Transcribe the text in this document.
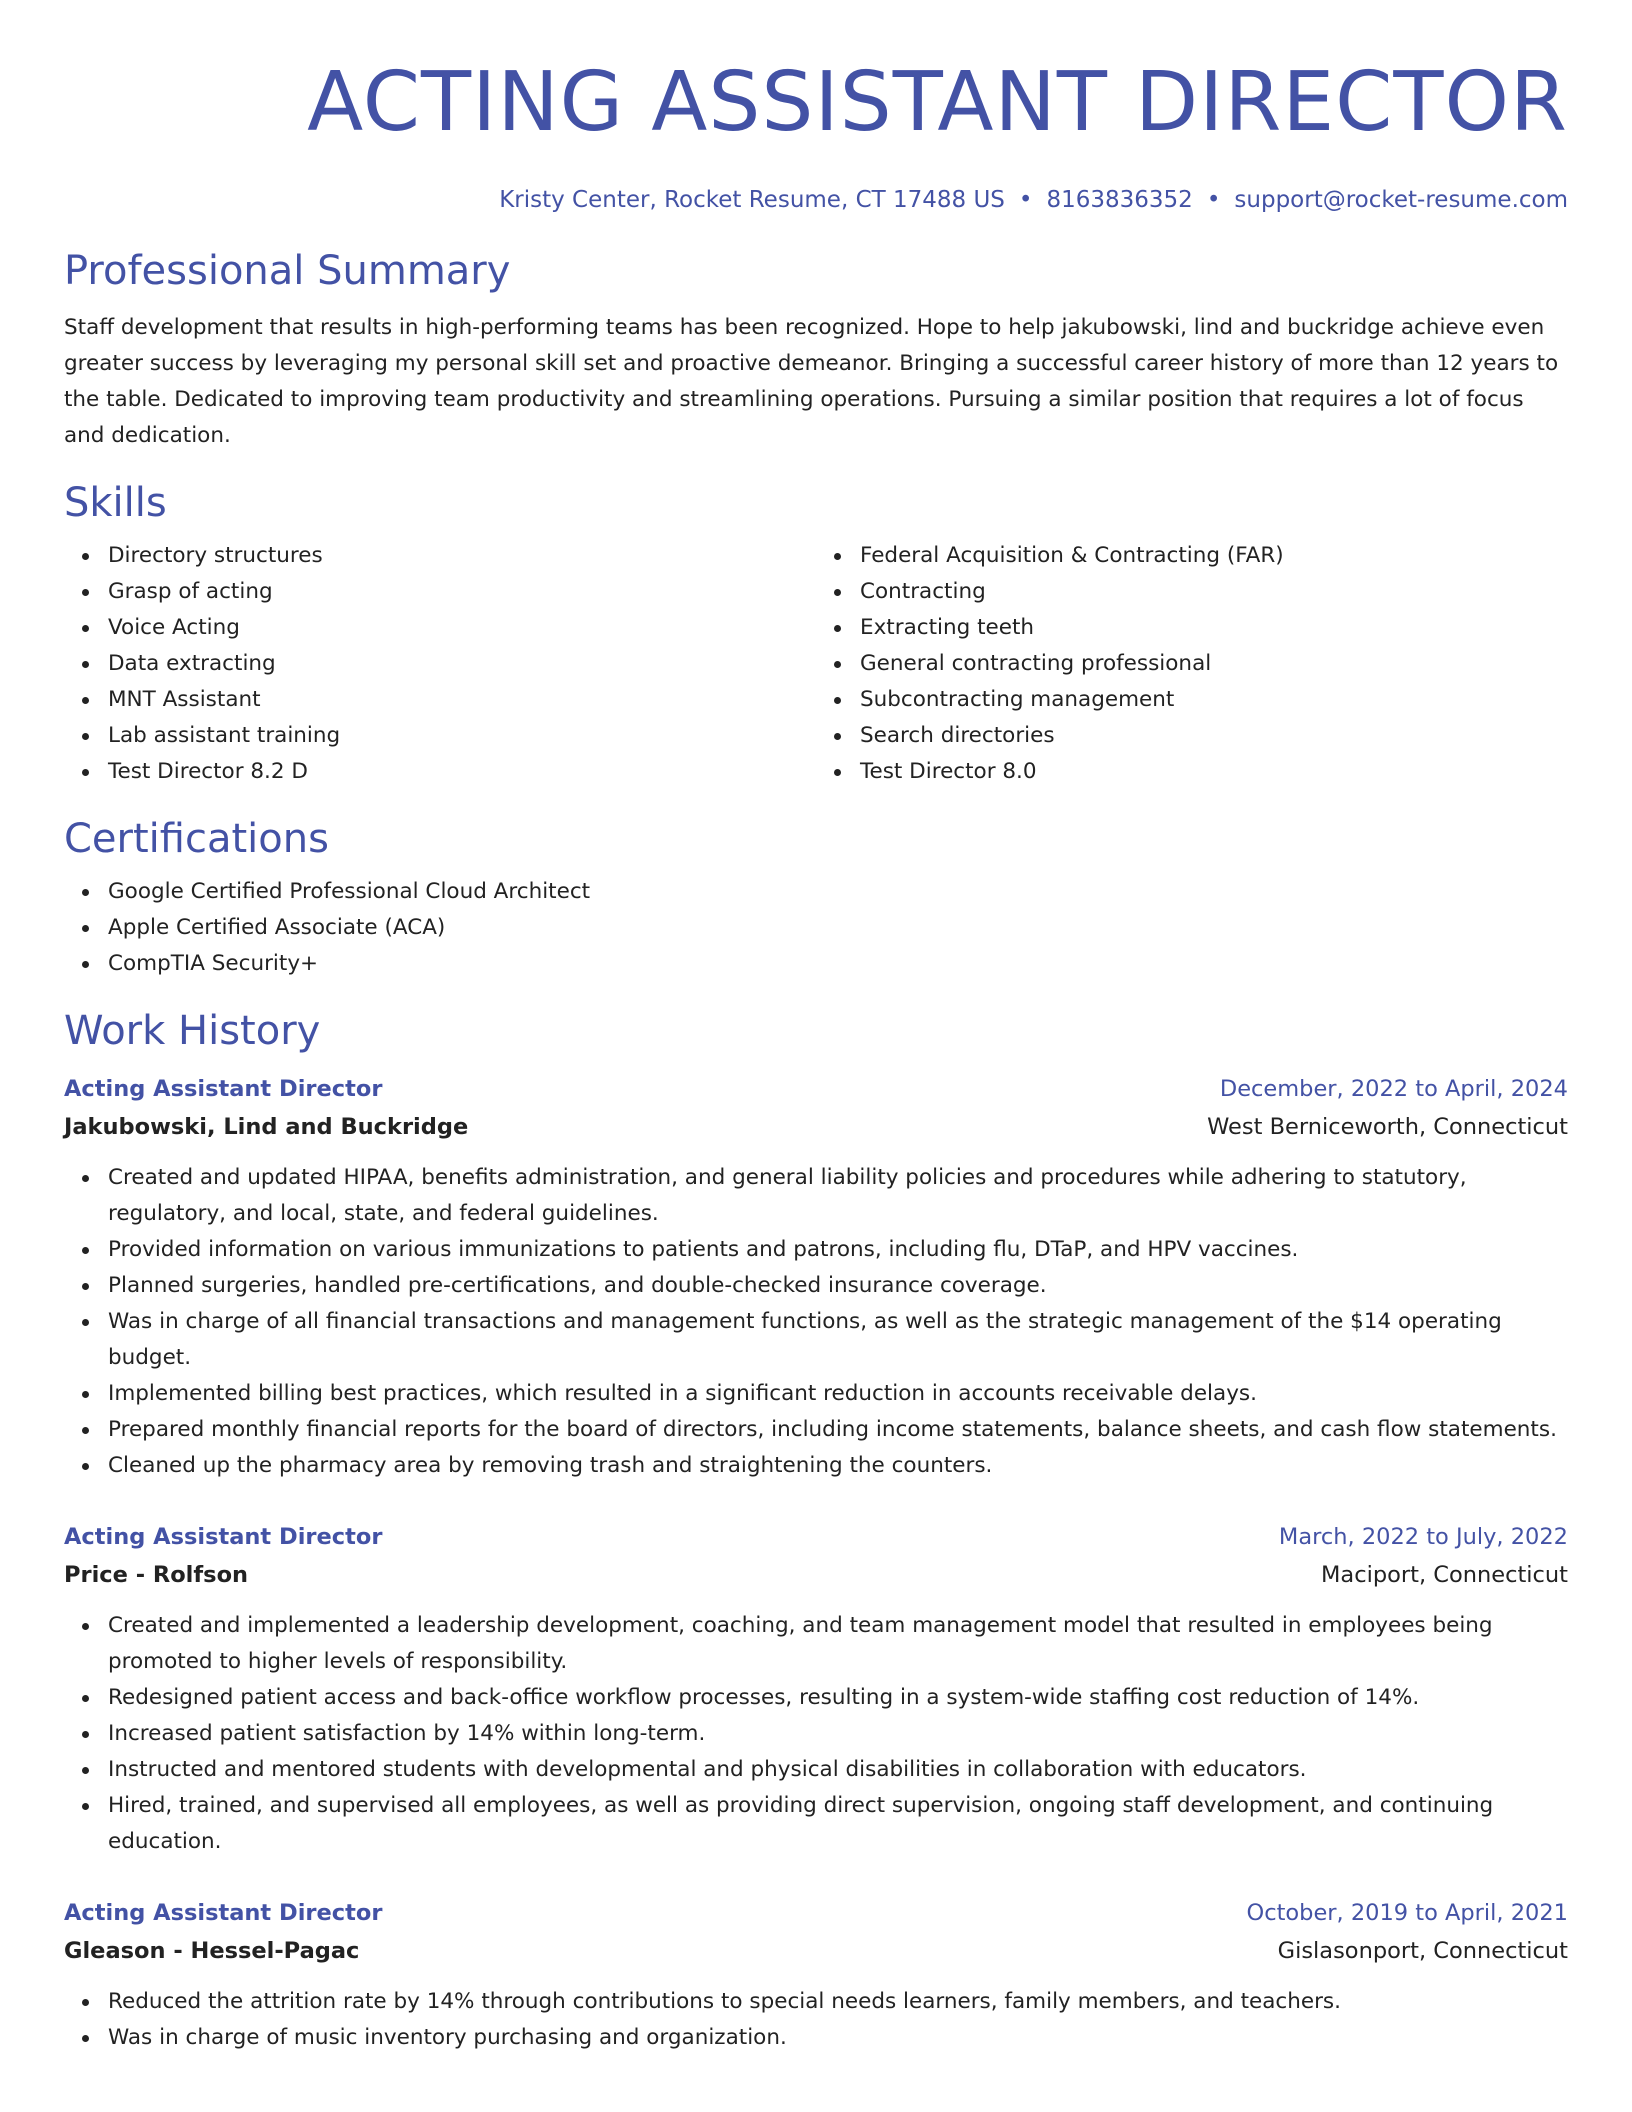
ACTING ASSISTANT DIRECTOR
Kristy Center, Rocket Resume, CT 17488 US • 8163836352 • support@rocket-resume.com
Professional Summary
Staff development that results in high-performing teams has been recognized. Hope to help jakubowski, lind and buckridge achieve even greater success by leveraging my personal skill set and proactive demeanor. Bringing a successful career history of more than 12 years to the table. Dedicated to improving team productivity and streamlining operations. Pursuing a similar position that requires a lot of focus and dedication.
Skills
Directory structures
Grasp of acting
Voice Acting
Data extracting
MNT Assistant
Lab assistant training
Test Director 8.2 D
Federal Acquisition & Contracting (FAR)
Contracting
Extracting teeth
General contracting professional
Subcontracting management
Search directories
Test Director 8.0
Certifications
Google Certified Professional Cloud Architect
Apple Certified Associate (ACA)
CompTIA Security+
Work History
Acting Assistant Director	December, 2022 to April, 2024
Jakubowski, Lind and Buckridge	West Berniceworth, Connecticut
Created and updated HIPAA, benefits administration, and general liability policies and procedures while adhering to statutory, regulatory, and local, state, and federal guidelines.
Provided information on various immunizations to patients and patrons, including flu, DTaP, and HPV vaccines.
Planned surgeries, handled pre-certifications, and double-checked insurance coverage.
Was in charge of all financial transactions and management functions, as well as the strategic management of the $14 operating budget.
Implemented billing best practices, which resulted in a significant reduction in accounts receivable delays.
Prepared monthly financial reports for the board of directors, including income statements, balance sheets, and cash flow statements.
Cleaned up the pharmacy area by removing trash and straightening the counters.
Acting Assistant Director	March, 2022 to July, 2022
Price - Rolfson	Maciport, Connecticut
Created and implemented a leadership development, coaching, and team management model that resulted in employees being promoted to higher levels of responsibility.
Redesigned patient access and back-office workflow processes, resulting in a system-wide staffing cost reduction of 14%.
Increased patient satisfaction by 14% within long-term.
Instructed and mentored students with developmental and physical disabilities in collaboration with educators.
Hired, trained, and supervised all employees, as well as providing direct supervision, ongoing staff development, and continuing education.
Acting Assistant Director	October, 2019 to April, 2021
Gleason - Hessel-Pagac	Gislasonport, Connecticut
Reduced the attrition rate by 14% through contributions to special needs learners, family members, and teachers.
Was in charge of music inventory purchasing and organization.
